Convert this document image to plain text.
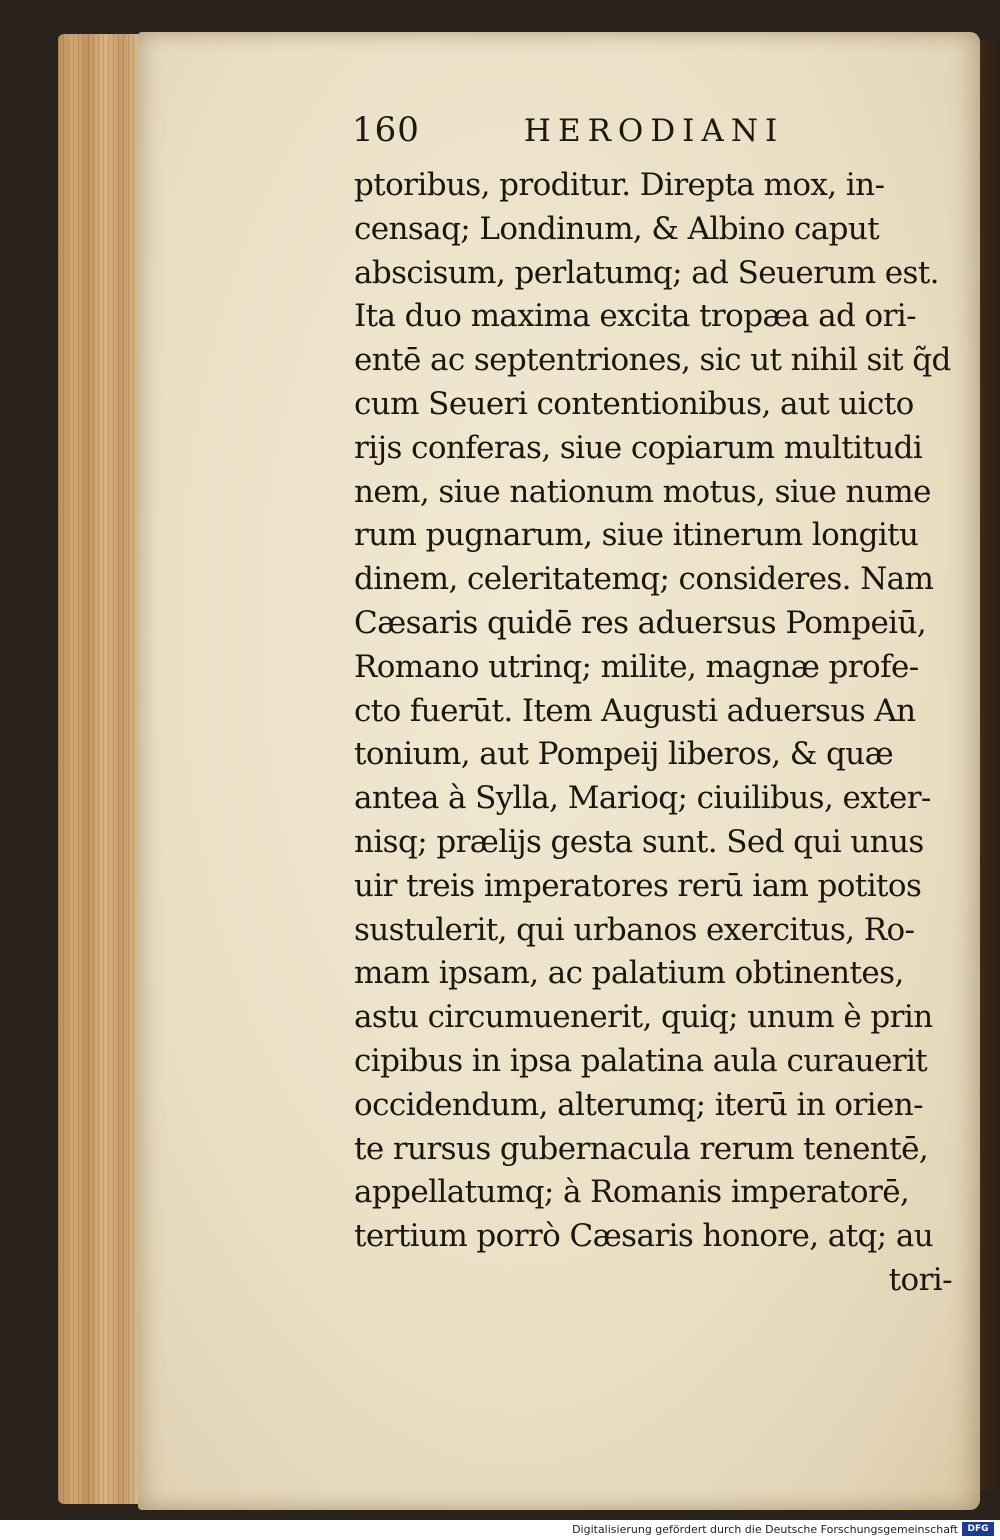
160	HERODIANI
ptoribus, proditur. Direpta mox, in-
censaq; Londinum, & Albino caput
abscisum, perlatumq; ad Seuerum est.
Ita duo maxima excita tropæa ad ori-
entē ac septentriones, sic ut nihil sit q̃d
cum Seueri contentionibus, aut uicto
rijs conferas, siue copiarum multitudi
nem, siue nationum motus, siue nume
rum pugnarum, siue itinerum longitu
dinem, celeritatemq; consideres. Nam
Cæsaris quidē res aduersus Pompeiū,
Romano utrinq; milite, magnæ profe-
cto fuerūt. Item Augusti aduersus An
tonium, aut Pompeij liberos, & quæ
antea à Sylla, Marioq; ciuilibus, exter-
nisq; prælijs gesta sunt. Sed qui unus
uir treis imperatores rerū iam potitos
sustulerit, qui urbanos exercitus, Ro-
mam ipsam, ac palatium obtinentes,
astu circumuenerit, quiq; unum è prin
cipibus in ipsa palatina aula curauerit
occidendum, alterumq; iterū in orien-
te rursus gubernacula rerum tenentē,
appellatumq; à Romanis imperatorē,
tertium porrò Cæsaris honore, atq; au
tori-
Digitalisierung gefördert durch die Deutsche Forschungsgemeinschaft	DFG
